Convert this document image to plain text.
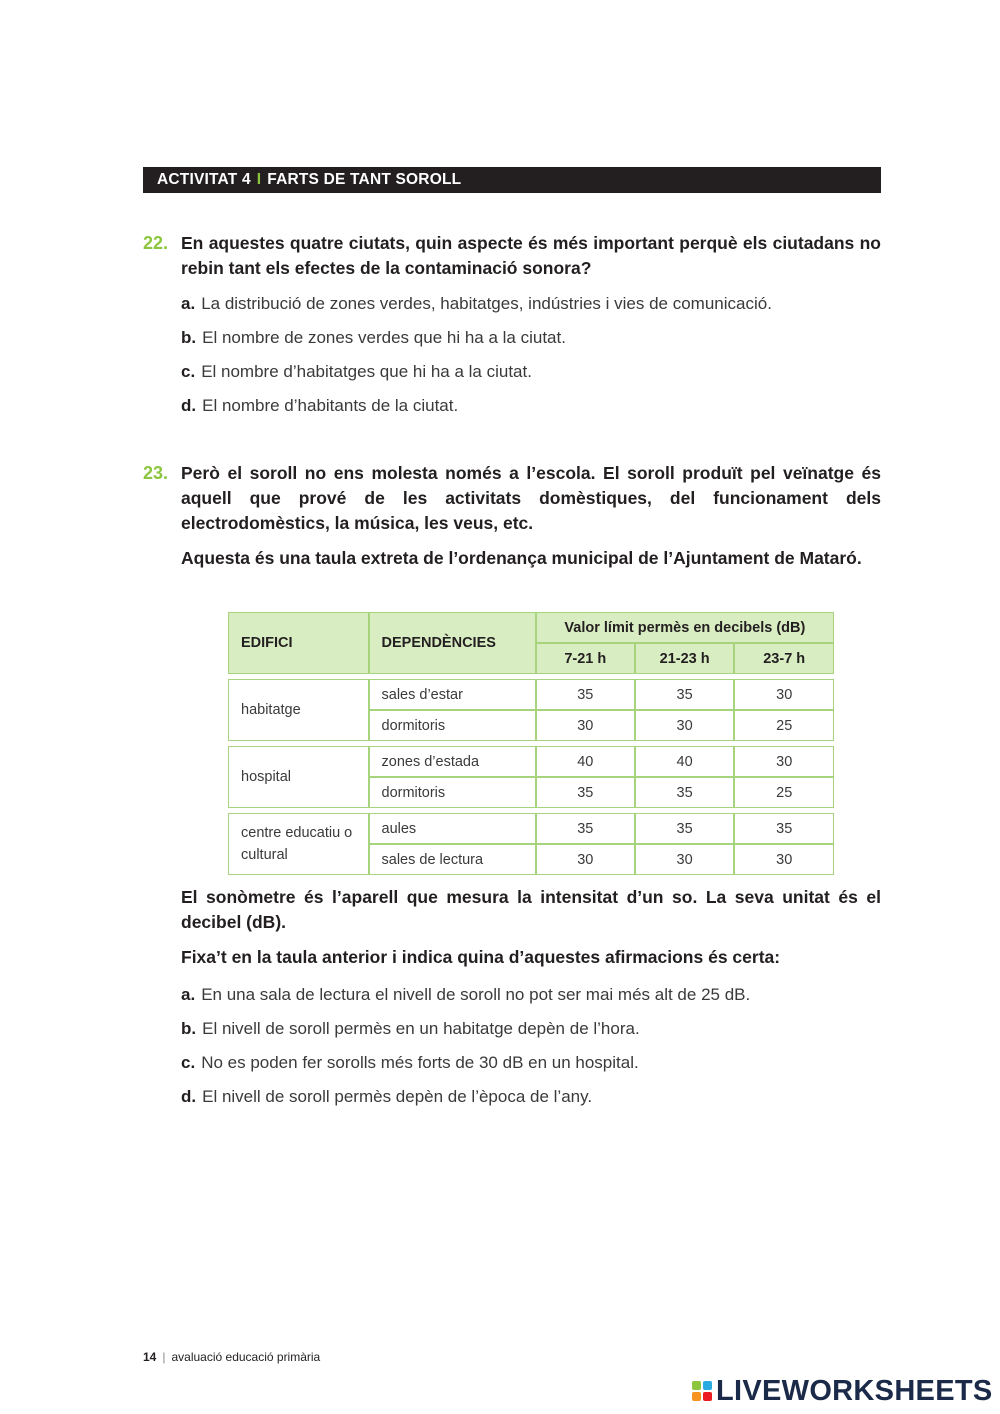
ACTIVITAT 4 I FARTS DE TANT SOROLL
22. En aquestes quatre ciutats, quin aspecte és més important perquè els ciutadans no rebin tant els efectes de la contaminació sonora?
a. La distribució de zones verdes, habitatges, indústries i vies de comunicació.
b. El nombre de zones verdes que hi ha a la ciutat.
c. El nombre d’habitatges que hi ha a la ciutat.
d. El nombre d’habitants de la ciutat.
23. Però el soroll no ens molesta només a l’escola. El soroll produït pel veïnatge és aquell que prové de les activitats domèstiques, del funcionament dels electrodomèstics, la música, les veus, etc.
Aquesta és una taula extreta de l’ordenança municipal de l’Ajuntament de Mataró.
EDIFICI	DEPENDÈNCIES	Valor límit permès en decibels (dB)		
		7-21 h	21-23 h	23-7 h

habitatge	sales d’estar	35	35	30
	dormitoris	30	30	25

hospital	zones d’estada	40	40	30
	dormitoris	35	35	25

centre educatiu o cultural	aules	35	35	35
	sales de lectura	30	30	30
El sonòmetre és l’aparell que mesura la intensitat d’un so. La seva unitat és el decibel (dB).
Fixa’t en la taula anterior i indica quina d’aquestes afirmacions és certa:
a. En una sala de lectura el nivell de soroll no pot ser mai més alt de 25 dB.
b. El nivell de soroll permès en un habitatge depèn de l’hora.
c. No es poden fer sorolls més forts de 30 dB en un hospital.
d. El nivell de soroll permès depèn de l’època de l’any.
14 | avaluació educació primària
LIVEWORKSHEETS
